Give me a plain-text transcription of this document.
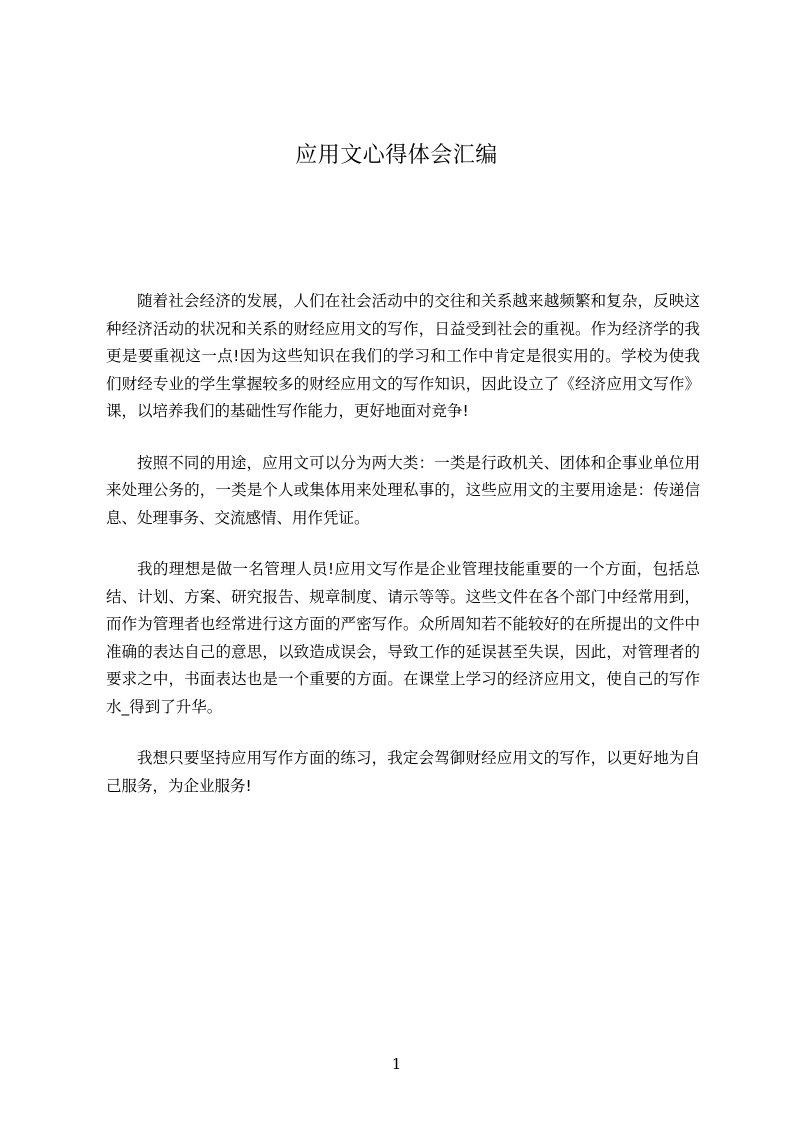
应用文心得体会汇编

随着社会经济的发展，人们在社会活动中的交往和关系越来越频繁和复杂，反映这种经济活动的状况和关系的财经应用文的写作，日益受到社会的重视。作为经济学的我更是要重视这一点!因为这些知识在我们的学习和工作中肯定是很实用的。学校为使我们财经专业的学生掌握较多的财经应用文的写作知识，因此设立了《经济应用文写作》课，以培养我们的基础性写作能力，更好地面对竞争!

按照不同的用途，应用文可以分为两大类：一类是行政机关、团体和企事业单位用来处理公务的，一类是个人或集体用来处理私事的，这些应用文的主要用途是：传递信息、处理事务、交流感情、用作凭证。

我的理想是做一名管理人员!应用文写作是企业管理技能重要的一个方面，包括总结、计划、方案、研究报告、规章制度、请示等等。这些文件在各个部门中经常用到，而作为管理者也经常进行这方面的严密写作。众所周知若不能较好的在所提出的文件中准确的表达自己的意思，以致造成误会，导致工作的延误甚至失误，因此，对管理者的要求之中，书面表达也是一个重要的方面。在课堂上学习的经济应用文，使自己的写作水_得到了升华。

我想只要坚持应用写作方面的练习，我定会驾御财经应用文的写作，以更好地为自己服务，为企业服务!

1
